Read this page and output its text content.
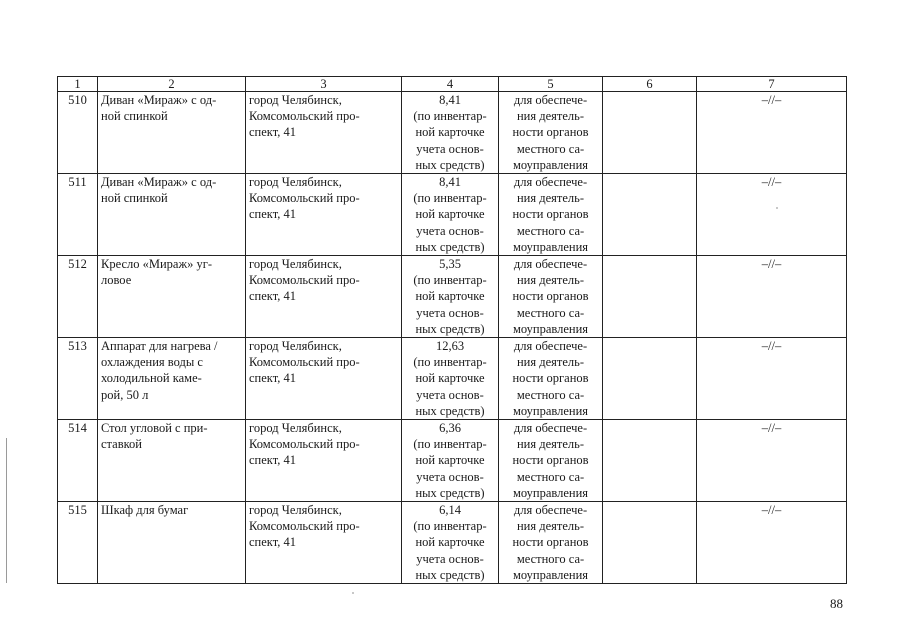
1	2	3	4	5	6	7
510	Диван «Мираж» с од-
ной спинкой	город Челябинск,
Комсомольский про-
спект, 41	8,41
(по инвентар-
ной карточке
учета основ-
ных средств)	для обеспече-
ния деятель-
ности органов
местного са-
моуправления		–//–
511	Диван «Мираж» с од-
ной спинкой	город Челябинск,
Комсомольский про-
спект, 41	8,41
(по инвентар-
ной карточке
учета основ-
ных средств)	для обеспече-
ния деятель-
ности органов
местного са-
моуправления		–//–
512	Кресло «Мираж» уг-
ловое	город Челябинск,
Комсомольский про-
спект, 41	5,35
(по инвентар-
ной карточке
учета основ-
ных средств)	для обеспече-
ния деятель-
ности органов
местного са-
моуправления		–//–
513	Аппарат для нагрева /
охлаждения воды с
холодильной каме-
рой, 50 л	город Челябинск,
Комсомольский про-
спект, 41	12,63
(по инвентар-
ной карточке
учета основ-
ных средств)	для обеспече-
ния деятель-
ности органов
местного са-
моуправления		–//–
514	Стол угловой с при-
ставкой	город Челябинск,
Комсомольский про-
спект, 41	6,36
(по инвентар-
ной карточке
учета основ-
ных средств)	для обеспече-
ния деятель-
ности органов
местного са-
моуправления		–//–
515	Шкаф для бумаг	город Челябинск,
Комсомольский про-
спект, 41	6,14
(по инвентар-
ной карточке
учета основ-
ных средств)	для обеспече-
ния деятель-
ности органов
местного са-
моуправления		–//–
88
